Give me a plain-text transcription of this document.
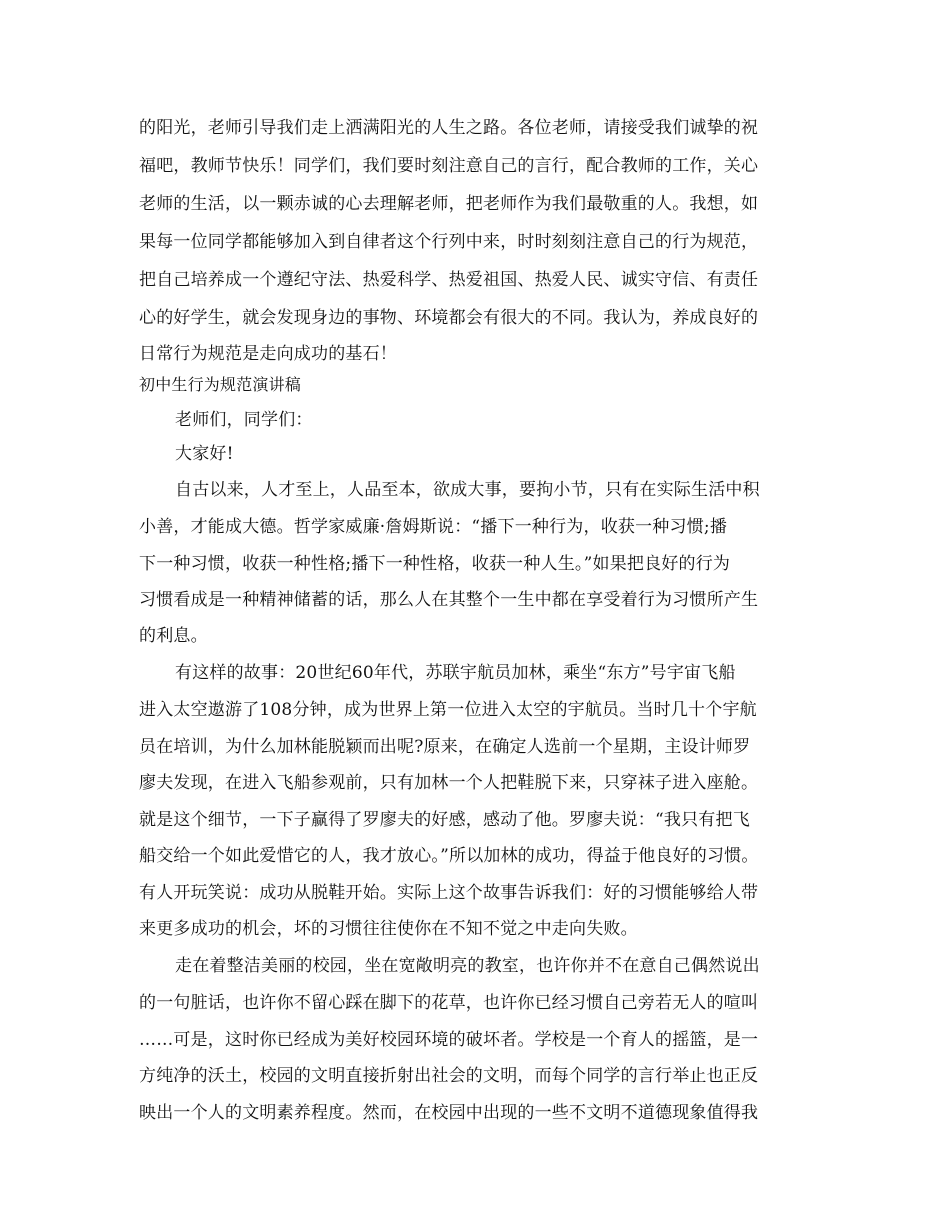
的阳光，老师引导我们走上洒满阳光的人生之路。各位老师，请接受我们诚挚的祝
福吧，教师节快乐！同学们，我们要时刻注意自己的言行，配合教师的工作，关心
老师的生活，以一颗赤诚的心去理解老师，把老师作为我们最敬重的人。我想，如
果每一位同学都能够加入到自律者这个行列中来，时时刻刻注意自己的行为规范，
把自己培养成一个遵纪守法、热爱科学、热爱祖国、热爱人民、诚实守信、有责任
心的好学生，就会发现身边的事物、环境都会有很大的不同。我认为，养成良好的
日常行为规范是走向成功的基石！
初中生行为规范演讲稿
老师们，同学们：
大家好!
自古以来，人才至上，人品至本，欲成大事，要拘小节，只有在实际生活中积
小善，才能成大德。哲学家威廉·詹姆斯说：“播下一种行为，收获一种习惯;播
下一种习惯，收获一种性格;播下一种性格，收获一种人生。”如果把良好的行为
习惯看成是一种精神储蓄的话，那么人在其整个一生中都在享受着行为习惯所产生
的利息。
有这样的故事：20世纪60年代，苏联宇航员加林，乘坐“东方”号宇宙飞船
进入太空遨游了108分钟，成为世界上第一位进入太空的宇航员。当时几十个宇航
员在培训，为什么加林能脱颖而出呢?原来，在确定人选前一个星期，主设计师罗
廖夫发现，在进入飞船参观前，只有加林一个人把鞋脱下来，只穿袜子进入座舱。
就是这个细节，一下子赢得了罗廖夫的好感，感动了他。罗廖夫说：“我只有把飞
船交给一个如此爱惜它的人，我才放心。”所以加林的成功，得益于他良好的习惯。
有人开玩笑说：成功从脱鞋开始。实际上这个故事告诉我们：好的习惯能够给人带
来更多成功的机会，坏的习惯往往使你在不知不觉之中走向失败。
走在着整洁美丽的校园，坐在宽敞明亮的教室，也许你并不在意自己偶然说出
的一句脏话，也许你不留心踩在脚下的花草，也许你已经习惯自己旁若无人的喧叫
……可是，这时你已经成为美好校园环境的破坏者。学校是一个育人的摇篮，是一
方纯净的沃土，校园的文明直接折射出社会的文明，而每个同学的言行举止也正反
映出一个人的文明素养程度。然而，在校园中出现的一些不文明不道德现象值得我
